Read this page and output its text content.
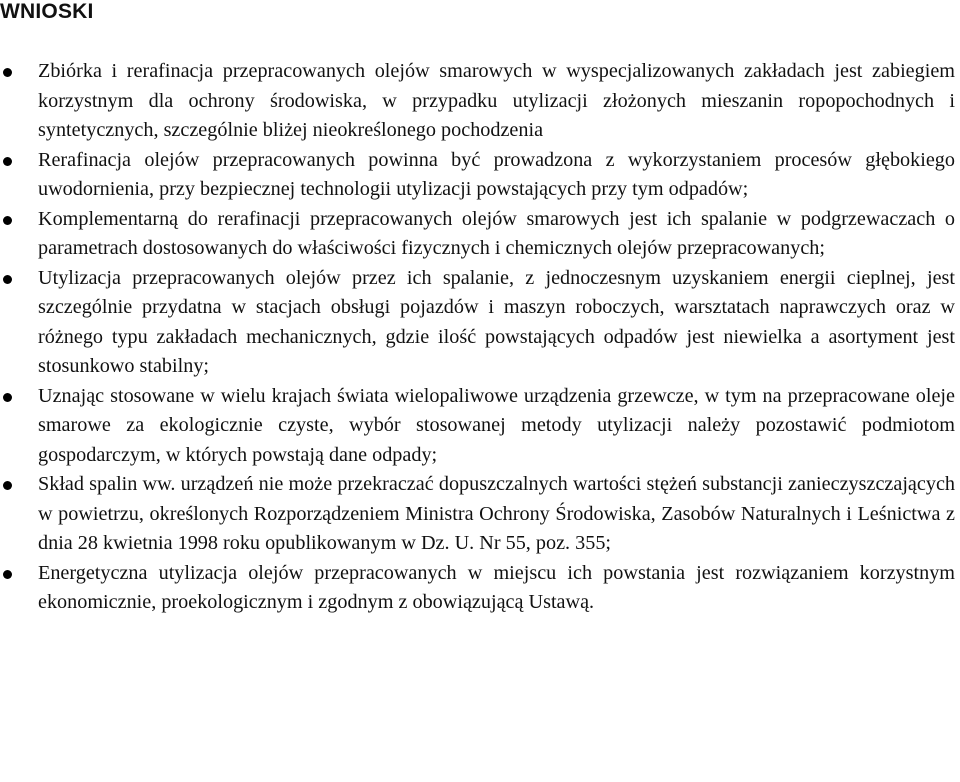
WNIOSKI
Zbiórka i rerafinacja przepracowanych olejów smarowych w wyspecjalizowanych zakładach jest zabiegiem korzystnym dla ochrony środowiska, w przypadku utylizacji złożonych mieszanin ropopochodnych i syntetycznych, szczególnie bliżej nieokreślonego pochodzenia
Rerafinacja olejów przepracowanych powinna być prowadzona z wykorzystaniem procesów głębokiego uwodornienia, przy bezpiecznej technologii utylizacji powstających przy tym odpadów;
Komplementarną do rerafinacji przepracowanych olejów smarowych jest ich spalanie w podgrzewaczach o parametrach dostosowanych do właściwości fizycznych i chemicznych olejów przepracowanych;
Utylizacja przepracowanych olejów przez ich spalanie, z jednoczesnym uzyskaniem energii cieplnej, jest szczególnie przydatna w stacjach obsługi pojazdów i maszyn roboczych, warsztatach naprawczych oraz w różnego typu zakładach mechanicznych, gdzie ilość powstających odpadów jest niewielka a asortyment jest stosunkowo stabilny;
Uznając stosowane w wielu krajach świata wielopaliwowe urządzenia grzewcze, w tym na przepracowane oleje smarowe za ekologicznie czyste, wybór stosowanej metody utylizacji należy pozostawić podmiotom gospodarczym, w których powstają dane odpady;
Skład spalin ww. urządzeń nie może przekraczać dopuszczalnych wartości stężeń substancji zanieczyszczających w powietrzu, określonych Rozporządzeniem Ministra Ochrony Środowiska, Zasobów Naturalnych i Leśnictwa z dnia 28 kwietnia 1998 roku opublikowanym w Dz. U. Nr 55, poz. 355;
Energetyczna utylizacja olejów przepracowanych w miejscu ich powstania jest rozwiązaniem korzystnym ekonomicznie, proekologicznym i zgodnym z obowiązującą Ustawą.
